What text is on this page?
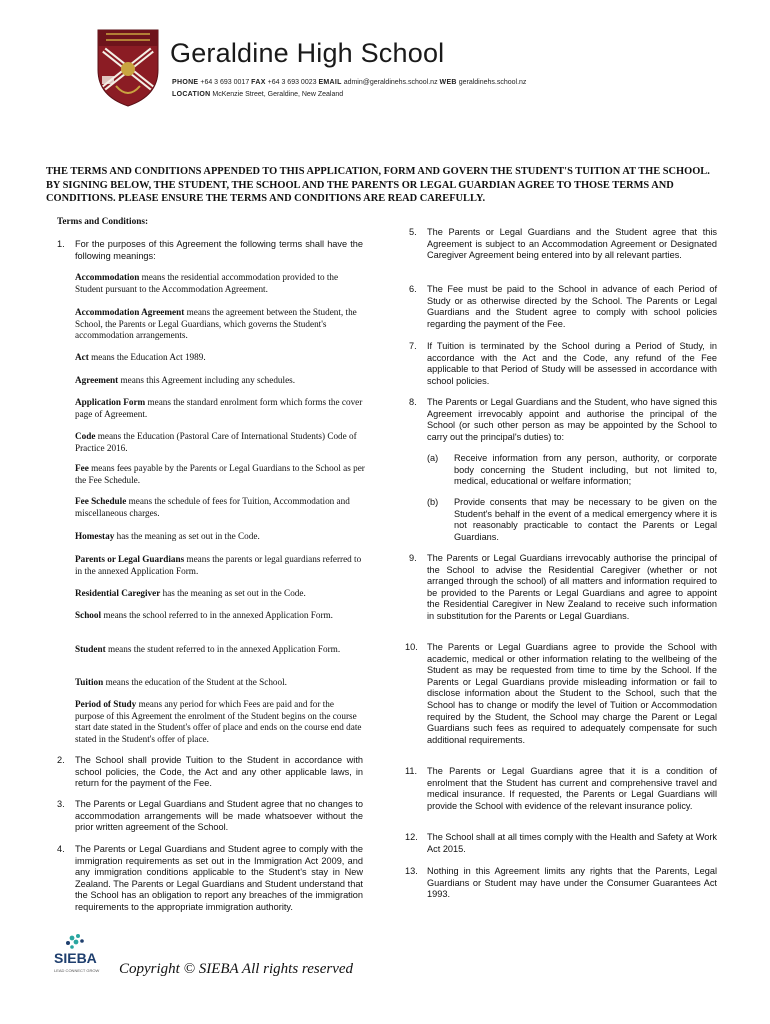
Geraldine High School
PHONE +64 3 693 0017 FAX +64 3 693 0023 EMAIL admin@geraldinehs.school.nz WEB geraldinehs.school.nz
LOCATION McKenzie Street, Geraldine, New Zealand
THE TERMS AND CONDITIONS APPENDED TO THIS APPLICATION, FORM AND GOVERN THE STUDENT'S TUITION AT THE SCHOOL. BY SIGNING BELOW, THE STUDENT, THE SCHOOL AND THE PARENTS OR LEGAL GUARDIAN AGREE TO THOSE TERMS AND CONDITIONS. PLEASE ENSURE THE TERMS AND CONDITIONS ARE READ CAREFULLY.
Terms and Conditions:
1. For the purposes of this Agreement the following terms shall have the following meanings:
Accommodation means the residential accommodation provided to the Student pursuant to the Accommodation Agreement.
Accommodation Agreement means the agreement between the Student, the School, the Parents or Legal Guardians, which governs the Student's accommodation arrangements.
Act means the Education Act 1989.
Agreement means this Agreement including any schedules.
Application Form means the standard enrolment form which forms the cover page of Agreement.
Code means the Education (Pastoral Care of International Students) Code of Practice 2016.
Fee means fees payable by the Parents or Legal Guardians to the School as per the Fee Schedule.
Fee Schedule means the schedule of fees for Tuition, Accommodation and miscellaneous charges.
Homestay has the meaning as set out in the Code.
Parents or Legal Guardians means the parents or legal guardians referred to in the annexed Application Form.
Residential Caregiver has the meaning as set out in the Code.
School means the school referred to in the annexed Application Form.
Student means the student referred to in the annexed Application Form.
Tuition means the education of the Student at the School.
Period of Study means any period for which Fees are paid and for the purpose of this Agreement the enrolment of the Student begins on the course start date stated in the Student's offer of place and ends on the course end date stated in the Student's offer of place.
2. The School shall provide Tuition to the Student in accordance with school policies, the Code, the Act and any other applicable laws, in return for the payment of the Fee.
3. The Parents or Legal Guardians and Student agree that no changes to accommodation arrangements will be made whatsoever without the prior written agreement of the School.
4. The Parents or Legal Guardians and Student agree to comply with the immigration requirements as set out in the Immigration Act 2009, and any immigration conditions applicable to the Student's stay in New Zealand. The Parents or Legal Guardians and Student understand that the School has an obligation to report any breaches of the immigration requirements to the appropriate immigration authority.
5. The Parents or Legal Guardians and the Student agree that this Agreement is subject to an Accommodation Agreement or Designated Caregiver Agreement being entered into by all relevant parties.
6. The Fee must be paid to the School in advance of each Period of Study or as otherwise directed by the School. The Parents or Legal Guardians and the Student agree to comply with school policies regarding the payment of the Fee.
7. If Tuition is terminated by the School during a Period of Study, in accordance with the Act and the Code, any refund of the Fee applicable to that Period of Study will be assessed in accordance with school policies.
8. The Parents or Legal Guardians and the Student, who have signed this Agreement irrevocably appoint and authorise the principal of the School (or such other person as may be appointed by the School to carry out the principal's duties) to:
(a) Receive information from any person, authority, or corporate body concerning the Student including, but not limited to, medical, educational or welfare information;
(b) Provide consents that may be necessary to be given on the Student's behalf in the event of a medical emergency where it is not reasonably practicable to contact the Parents or Legal Guardians.
9. The Parents or Legal Guardians irrevocably authorise the principal of the School to advise the Residential Caregiver (whether or not arranged through the school) of all matters and information required to be provided to the Parents or Legal Guardians and agree to appoint the Residential Caregiver in New Zealand to receive such information in substitution for the Parents or Legal Guardians.
10. The Parents or Legal Guardians agree to provide the School with academic, medical or other information relating to the wellbeing of the Student as may be requested from time to time by the School. If the Parents or Legal Guardians provide misleading information or fail to disclose information about the Student to the School, such that the School has to change or modify the level of Tuition or Accommodation required by the Student, the School may charge the Parent or Legal Guardians such fees as required to adequately compensate for such additional requirements.
11. The Parents or Legal Guardians agree that it is a condition of enrolment that the Student has current and comprehensive travel and medical insurance. If requested, the Parents or Legal Guardians will provide the School with evidence of the relevant insurance policy.
12. The School shall at all times comply with the Health and Safety at Work Act 2015.
13. Nothing in this Agreement limits any rights that the Parents, Legal Guardians or Student may have under the Consumer Guarantees Act 1993.
SIEBA
LEAD CONNECT GROW Copyright © SIEBA All rights reserved
